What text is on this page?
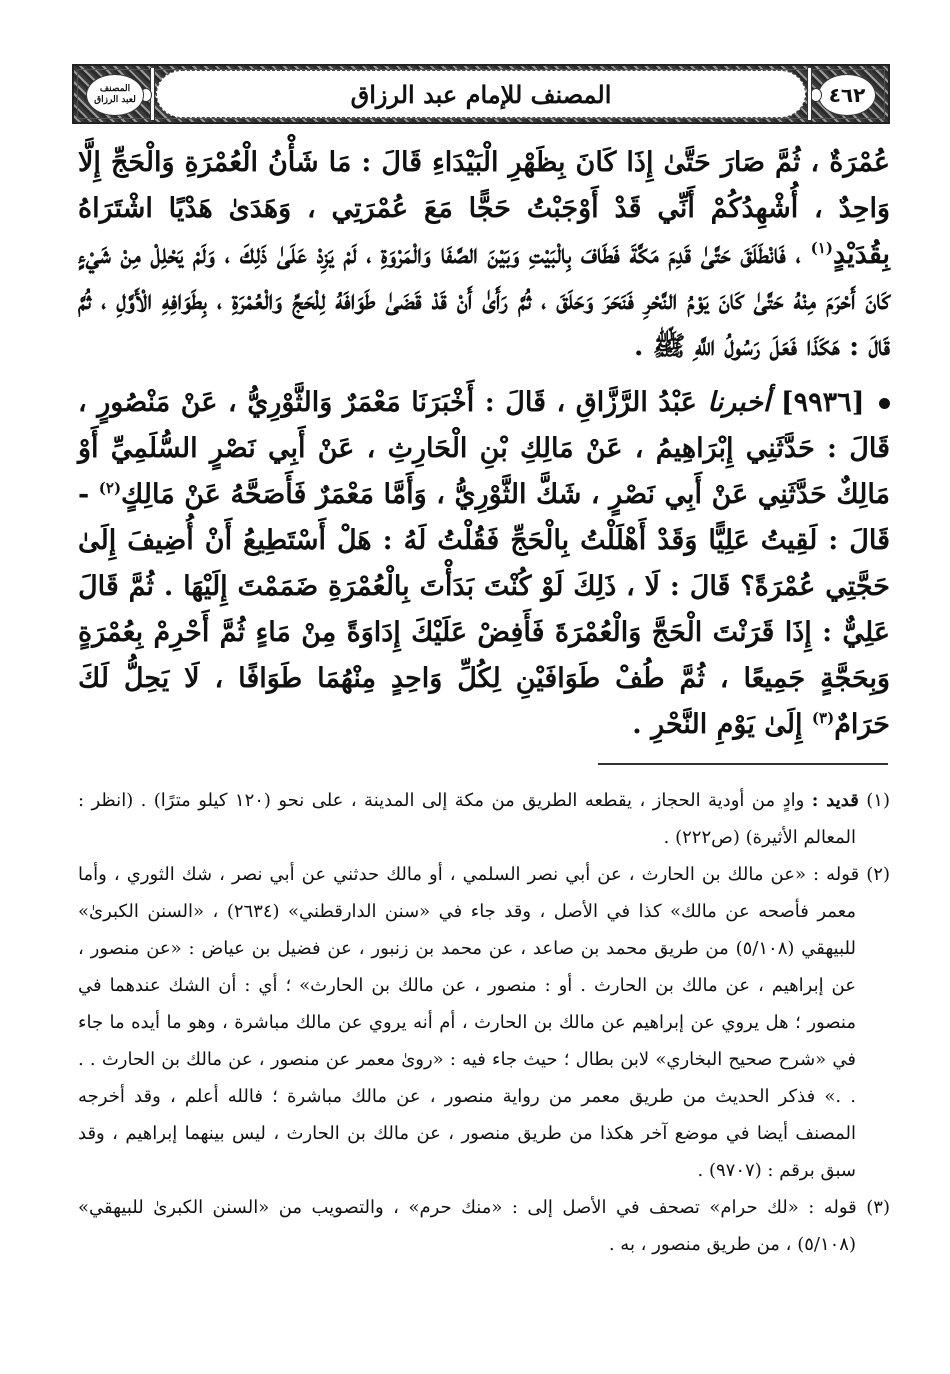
٤٦٢
المصنف للإمام عبد الرزاق
المصنف
لعبد الرزاق

عُمْرَةٌ ، ثُمَّ صَارَ حَتَّىٰ إِذَا كَانَ بِظَهْرِ الْبَيْدَاءِ قَالَ : مَا شَأْنُ الْعُمْرَةِ وَالْحَجِّ إِلَّا وَاحِدٌ ، أُشْهِدُكُمْ أَنِّي قَدْ أَوْجَبْتُ حَجًّا مَعَ عُمْرَتِي ، وَهَدَىٰ هَدْيًا اشْتَرَاهُ بِقُدَيْدٍ$^{(١)}$ ، فَانْطَلَقَ حَتَّىٰ قَدِمَ مَكَّةَ فَطَافَ بِالْبَيْتِ وَبَيْنَ الصَّفَا وَالْمَرْوَةِ ، لَمْ يَزِدْ عَلَىٰ ذَلِكَ ، وَلَمْ يَحْلِلْ مِنْ شَيْءٍ كَانَ أَحْرَمَ مِنْهُ حَتَّىٰ كَانَ يَوْمُ النَّحْرِ فَنَحَرَ وَحَلَقَ ، ثُمَّ رَأَىٰ أَنْ قَدْ قَضَىٰ طَوَافَهُ لِلْحَجِّ وَالْعُمْرَةِ ، بِطَوَافِهِ الْأَوَّلِ ، ثُمَّ قَالَ : هَكَذَا فَعَلَ رَسُولُ اللَّهِ ﷺ .

[٩٩٣٦] أخبرنا عَبْدُ الرَّزَّاقِ ، قَالَ : أَخْبَرَنَا مَعْمَرٌ وَالثَّوْرِيُّ ، عَنْ مَنْصُورٍ ، قَالَ : حَدَّثَنِي إِبْرَاهِيمُ ، عَنْ مَالِكِ بْنِ الْحَارِثِ ، عَنْ أَبِي نَصْرٍ السُّلَمِيِّ أَوْ مَالِكٌ حَدَّثَنِي عَنْ أَبِي نَصْرٍ ، شَكَّ الثَّوْرِيُّ ، وَأَمَّا مَعْمَرٌ فَأَصَحَّهُ عَنْ مَالِكٍ$^{(٢)}$ - قَالَ : لَقِيتُ عَلِيًّا وَقَدْ أَهْلَلْتُ بِالْحَجِّ فَقُلْتُ لَهُ : هَلْ أَسْتَطِيعُ أَنْ أُضِيفَ إِلَىٰ حَجَّتِي عُمْرَةً؟ قَالَ : لَا ، ذَلِكَ لَوْ كُنْتَ بَدَأْتَ بِالْعُمْرَةِ ضَمَمْتَ إِلَيْهَا . ثُمَّ قَالَ عَلِيٌّ : إِذَا قَرَنْتَ الْحَجَّ وَالْعُمْرَةَ فَأَفِضْ عَلَيْكَ إِدَاوَةً مِنْ مَاءٍ ثُمَّ أَحْرِمْ بِعُمْرَةٍ وَبِحَجَّةٍ جَمِيعًا ، ثُمَّ طُفْ طَوَافَيْنِ لِكُلِّ وَاحِدٍ مِنْهُمَا طَوَافًا ، لَا يَحِلُّ لَكَ حَرَامٌ$^{(٣)}$ إِلَىٰ يَوْمِ النَّحْرِ .

(١) قديد : وادٍ من أودية الحجاز ، يقطعه الطريق من مكة إلى المدينة ، على نحو (١٢٠ كيلو مترًا) . (انظر : المعالم الأثيرة) (ص٢٢٢) .
(٢) قوله : «عن مالك بن الحارث ، عن أبي نصر السلمي ، أو مالك حدثني عن أبي نصر ، شك الثوري ، وأما معمر فأصحه عن مالك» كذا في الأصل ، وقد جاء في «سنن الدارقطني» (٢٦٣٤) ، «السنن الكبرىٰ» للبيهقي (٥/١٠٨) من طريق محمد بن صاعد ، عن محمد بن زنبور ، عن فضيل بن عياض : «عن منصور ، عن إبراهيم ، عن مالك بن الحارث . أو : منصور ، عن مالك بن الحارث» ؛ أي : أن الشك عندهما في منصور ؛ هل يروي عن إبراهيم عن مالك بن الحارث ، أم أنه يروي عن مالك مباشرة ، وهو ما أيده ما جاء في «شرح صحيح البخاري» لابن بطال ؛ حيث جاء فيه : «روىٰ معمر عن منصور ، عن مالك بن الحارث . . . .» فذكر الحديث من طريق معمر من رواية منصور ، عن مالك مباشرة ؛ فالله أعلم ، وقد أخرجه المصنف أيضا في موضع آخر هكذا من طريق منصور ، عن مالك بن الحارث ، ليس بينهما إبراهيم ، وقد سبق برقم : (٩٧٠٧) .
(٣) قوله : «لك حرام» تصحف في الأصل إلى : «منك حرم» ، والتصويب من «السنن الكبرىٰ للبيهقي» (٥/١٠٨) ، من طريق منصور ، به .
